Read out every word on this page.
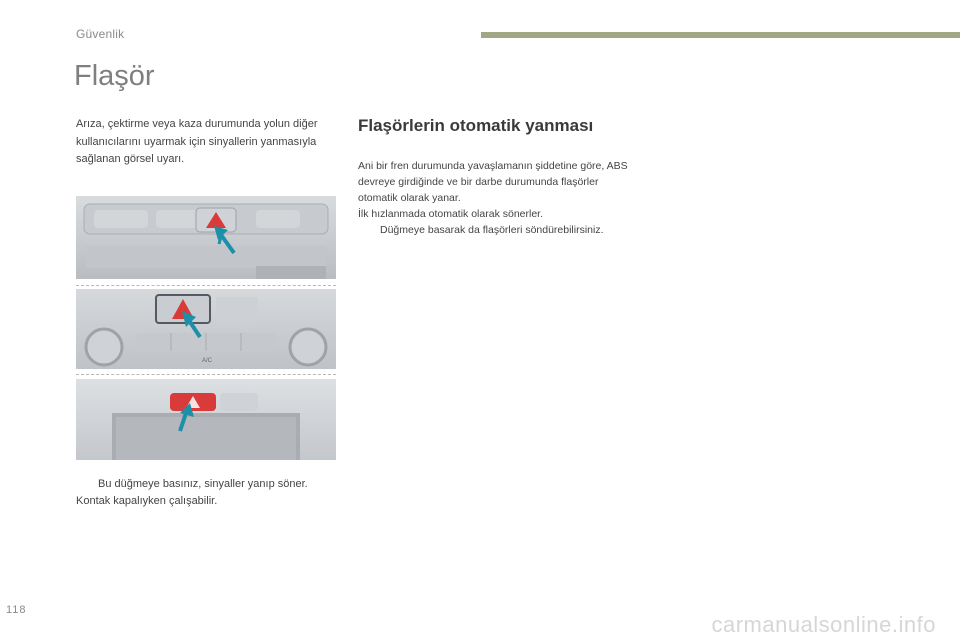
Güvenlik
Flaşör

Arıza, çektirme veya kaza durumunda yolun diğer kullanıcılarını uyarmak için sinyallerin yanmasıyla sağlanan görsel uyarı.

Flaşörlerin otomatik yanması

Ani bir fren durumunda yavaşlamanın şiddetine göre, ABS devreye girdiğinde ve bir darbe durumunda flaşörler otomatik olarak yanar.

İlk hızlanmada otomatik olarak sönerler.

Düğmeye basarak da flaşörleri söndürebilirsiniz.
A/C
Bu düğmeye basınız, sinyaller yanıp söner.
Kontak kapalıyken çalışabilir.
118
carmanualsonline.info
